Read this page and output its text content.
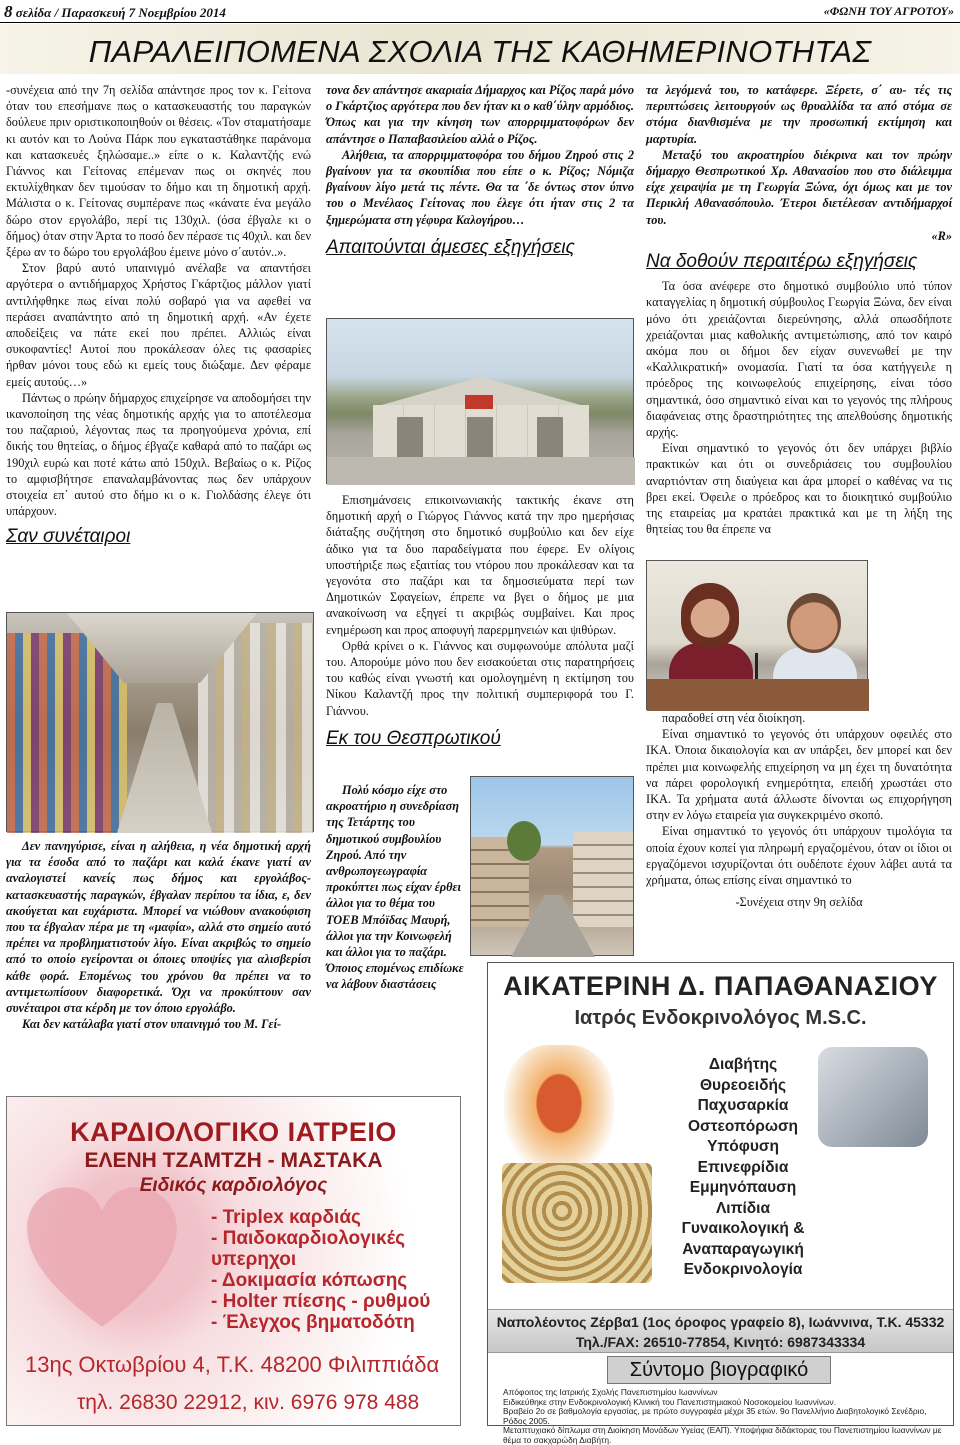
8 σελίδα / Παρασκευή 7 Νοεμβρίου 2014	«ΦΩΝΗ ΤΟΥ ΑΓΡΟΤΟΥ»
ΠΑΡΑΛΕΙΠΟΜΕΝΑ ΣΧΟΛΙΑ ΤΗΣ ΚΑΘΗΜΕΡΙΝΟΤΗΤΑΣ

-συνέχεια από την 7η σελίδα απάντησε προς τον κ. Γείτονα όταν του επεσήμανε πως ο κατασκευαστής του παραγκών δούλευε πριν οριστικοποιηθούν οι θέσεις. «Τον σταματήσαμε κι αυτόν και το Λούνα Πάρκ που εγκαταστάθηκε παράνομα και κατασκευές ξηλώσαμε..» είπε ο κ. Καλαντζής ενώ Γιάννος και Γείτονας επέμεναν πως οι σκηνές που εκτυλίχθηκαν δεν τιμούσαν το δήμο και τη δημοτική αρχή. Μάλιστα ο κ. Γείτονας συμπέρανε πως «κάνατε ένα μεγάλο δώρο στον εργολάβο, περί τις 130χιλ. (όσα έβγαλε κι ο δήμος) όταν στην Άρτα το ποσό δεν πέρασε τις 40χιλ. και δεν ξέρω αν το δώρο του εργολάβου έμεινε μόνο σ΄αυτόν..».

Στον βαρύ αυτό υπαινιγμό ανέλαβε να απαντήσει αργότερα ο αντιδήμαρχος Χρήστος Γκάρτζιος μάλλον γιατί αντιλήφθηκε πως είναι πολύ σοβαρό για να αφεθεί να περάσει αναπάντητο από τη δημοτική αρχή. «Αν έχετε αποδείξεις να πάτε εκεί που πρέπει. Αλλιώς είναι συκοφαντίες! Αυτοί που προκάλεσαν όλες τις φασαρίες ήρθαν μόνοι τους εδώ κι εμείς τους διώξαμε. Δεν φέραμε εμείς αυτούς…»

Πάντως ο πρώην δήμαρχος επιχείρησε να αποδομήσει την ικανοποίηση της νέας δημοτικής αρχής για το αποτέλεσμα του παζαριού, λέγοντας πως τα προηγούμενα χρόνια, επί δικής του θητείας, ο δήμος έβγαζε καθαρά από το παζάρι ως 190χιλ ευρώ και ποτέ κάτω από 150χιλ. Βεβαίως ο κ. Ρίζος το αμφισβήτησε επαναλαμβάνοντας πως δεν υπάρχουν στοιχεία επ΄ αυτού στο δήμο κι ο κ. Γιολδάσης έλεγε ότι υπάρχουν.

Σαν συνέταιροι

Δεν πανηγύρισε, είναι η αλήθεια, η νέα δημοτική αρχή για τα έσοδα από το παζάρι και καλά έκανε γιατί αν αναλογιστεί κανείς πως δήμος και εργολάβος-κατασκευαστής παραγκών, έβγαλαν περίπου τα ίδια, ε, δεν ακούγεται και ευχάριστα. Μπορεί να νιώθουν ανακούφιση που τα έβγαλαν πέρα με τη «μαφία», αλλά στο σημείο αυτό πρέπει να προβληματιστούν λίγο. Είναι ακριβώς το σημείο από το οποίο εγείρονται οι όποιες υποψίες για αλισβερίσι κάθε φορά. Επομένως του χρόνου θα πρέπει να το αντιμετωπίσουν διαφορετικά. Όχι να προκύπτουν σαν συνέταιροι στα κέρδη με τον όποιο εργολάβο.

Και δεν κατάλαβα γιατί στον υπαινιγμό του Μ. Γεί-

τονα δεν απάντησε ακαριαία Δήμαρχος και Ρίζος παρά μόνο ο Γκάρτζιος αργότερα που δεν ήταν κι ο καθ΄ύλην αρμόδιος. Όπως και για την κίνηση των απορριμματοφόρων δεν απάντησε ο Παπαβασιλείου αλλά ο Ρίζος.

Αλήθεια, τα απορριμματοφόρα του δήμου Ζηρού στις 2 βγαίνουν για τα σκουπίδια που είπε ο κ. Ρίζος; Νόμιζα βγαίνουν λίγο μετά τις πέντε. Θα τα ΄δε όντως στον ύπνο του ο Μενέλαος Γείτονας που έλεγε ότι ήταν στις 2 τα ξημερώματα στη γέφυρα Καλογήρου…

Απαιτούνται άμεσες εξηγήσεις

Επισημάνσεις επικοινωνιακής τακτικής έκανε στη δημοτική αρχή ο Γιώργος Γιάννος κατά την προ ημερήσιας διάταξης συζήτηση στο δημοτικό συμβούλιο και δεν είχε άδικο για τα δυο παραδείγματα που έφερε. Εν ολίγοις υποστήριξε πως εξαιτίας του ντόρου που προκάλεσαν και τα γεγονότα στο παζάρι και τα δημοσιεύματα περί των Δημοτικών Σφαγείων, έπρεπε να βγει ο δήμος με μια ανακοίνωση να εξηγεί τι ακριβώς συμβαίνει. Και προς ενημέρωση και προς αποφυγή παρερμηνειών και ψιθύρων.

Ορθά κρίνει ο κ. Γιάννος και συμφωνούμε απόλυτα μαζί του. Απορούμε μόνο που δεν εισακούεται στις παρατηρήσεις του καθώς είναι γνωστή και ομολογημένη η εκτίμηση του Νίκου Καλαντζή προς την πολιτική συμπεριφορά του Γ. Γιάννου.

Εκ του Θεσπρωτικού

Πολύ κόσμο είχε στο ακροατήριο η συνεδρίαση της Τετάρτης του δημοτικού συμβουλίου Ζηρού. Από την ανθρωπογεωγραφία προκύπτει πως είχαν έρθει άλλοι για το θέμα του ΤΟΕΒ Μπόϊδας Μαυρή, άλλοι για την Κοινωφελή και άλλοι για το παζάρι. Όποιος επομένως επιδίωκε να λάβουν διαστάσεις

τα λεγόμενά του, το κατάφερε. Ξέρετε, σ΄ αυ- τές τις περιπτώσεις λειτουργούν ως θρυαλλίδα τα από στόμα σε στόμα διανθισμένα με την προσωπική εκτίμηση και μαρτυρία.

Μεταξύ του ακροατηρίου διέκρινα και τον πρώην δήμαρχο Θεσπρωτικού Χρ. Αθανασίου που στο διάλειμμα είχε χειραψία με τη Γεωργία Ξώνα, όχι όμως και με τον Περικλή Αθανασόπουλο. Έτεροι διετέλεσαν αντιδήμαρχοί του.

«R»

Να δοθούν περαιτέρω εξηγήσεις

Τα όσα ανέφερε στο δημοτικό συμβούλιο υπό τύπον καταγγελίας η δημοτική σύμβουλος Γεωργία Ξώνα, δεν είναι μόνο ότι χρειάζονται διερεύνησης, αλλά οπωσδήποτε χρειάζονται μιας καθολικής αντιμετώπισης, από τον καιρό ακόμα που οι δήμοι δεν είχαν συνενωθεί με την «Καλλικρατική» ονομασία. Γιατί τα όσα κατήγγειλε η πρόεδρος της κοινωφελούς επιχείρησης, είναι τόσο σημαντικά, όσο σημαντικό είναι και το γεγονός της πλήρους διαφάνειας στης δραστηριότητες της απελθούσης δημοτικής αρχής.

Είναι σημαντικό το γεγονός ότι δεν υπάρχει βιβλίο πρακτικών και ότι οι συνεδριάσεις του συμβουλίου αναρτιόνταν στη διαύγεια και άρα μπορεί ο καθένας να τις βρει εκεί. Όφειλε ο πρόεδρος και το διοικητικό συμβούλιο της εταιρείας μα κρατάει πρακτικά και με τη λήξη της θητείας του θα έπρεπε να

παραδοθεί στη νέα διοίκηση.

Είναι σημαντικό το γεγονός ότι υπάρχουν οφειλές στο ΙΚΑ. Όποια δικαιολογία και αν υπάρξει, δεν μπορεί και δεν πρέπει μια κοινωφελής επιχείρηση να μη έχει τη δυνατότητα να πάρει φορολογική ενημερότητα, επειδή χρωστάει στο ΙΚΑ. Τα χρήματα αυτά άλλωστε δίνονται ως επιχορήγηση στην εν λόγω εταιρεία για συγκεκριμένο σκοπό.

Είναι σημαντικό το γεγονός ότι υπάρχουν τιμολόγια τα οποία έχουν κοπεί για πληρωμή εργαζομένου, όταν οι ίδιοι οι εργαζόμενοι ισχυρίζονται ότι ουδέποτε έχουν λάβει αυτά τα χρήματα, όπως επίσης είναι σημαντικό το

-Συνέχεια στην 9η σελίδα

ΚΑΡΔΙΟΛΟΓΙΚΟ ΙΑΤΡΕΙΟ
ΕΛΕΝΗ ΤΖΑΜΤΖΗ - ΜΑΣΤΑΚΑ
Ειδικός καρδιολόγος
- Triplex καρδιάς
- Παιδοκαρδιολογικές υπερηχοι
- Δοκιμασία κόπωσης
- Holter πίεσης - ρυθμού
- Έλεγχος βηματοδότη
13ης Οκτωβρίου 4, Τ.Κ. 48200 Φιλιππιάδα
τηλ. 26830 22912, κιν. 6976 978 488
ΑΙΚΑΤΕΡΙΝΗ Δ. ΠΑΠΑΘΑΝΑΣΙΟΥ
Ιατρός Ενδοκρινολόγος M.S.C.
Διαβήτης
Θυρεοειδής
Παχυσαρκία
Οστεοπόρωση
Υπόφυση
Επινεφρίδια
Εμμηνόπαυση
Λιπίδια
Γυναικολογική &
Αναπαραγωγική Ενδοκρινολογία
Ναπολέοντος Ζέρβα1 (1ος όροφος γραφείο 8), Ιωάννινα, Τ.Κ. 45332
Τηλ./FAX: 26510-77854, Κινητό: 6987343334
Σύντομο βιογραφικό

Απόφοιτος της Ιατρικής Σχολής Πανεπιστημίου Ιωαννίνων

Ειδικεύθηκε στην Ενδοκρινολογική Κλινική του Πανεπιστημιακού Νοσοκομείου Ιωαννίνων.

Βραβείο 2ο σε βαθμολογία εργασίας, με πρώτο συγγραφέα μέχρι 35 ετών. 9ο Πανελλήνιο Διαβητολογικό Σενέδριο, Ρόδος 2005.

Μεταπτυχιακό δίπλωμα στη Διοίκηση Μονάδων Υγείας (ΕΑΠ). Υποψήφια διδάκτορας του Πανεπιστημίου Ιωαννίνων με θέμα το σακχαρώδη Διαβήτη.
